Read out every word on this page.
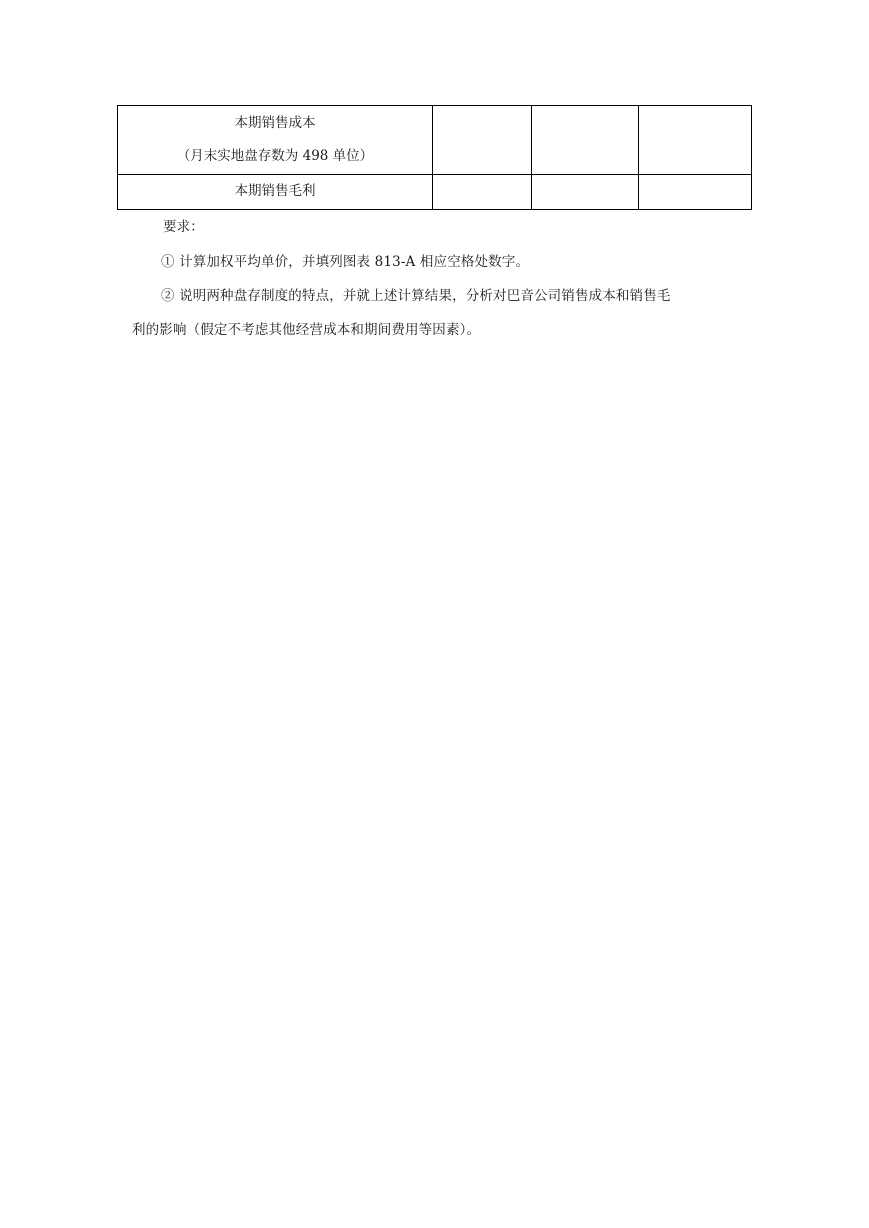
本期销售成本
（月末实地盘存数为 498 单位）			

本期销售毛利			

要求：
① 计算加权平均单价，并填列图表 813-A 相应空格处数字。
② 说明两种盘存制度的特点，并就上述计算结果，分析对巴音公司销售成本和销售毛
利的影响（假定不考虑其他经营成本和期间费用等因素）。
